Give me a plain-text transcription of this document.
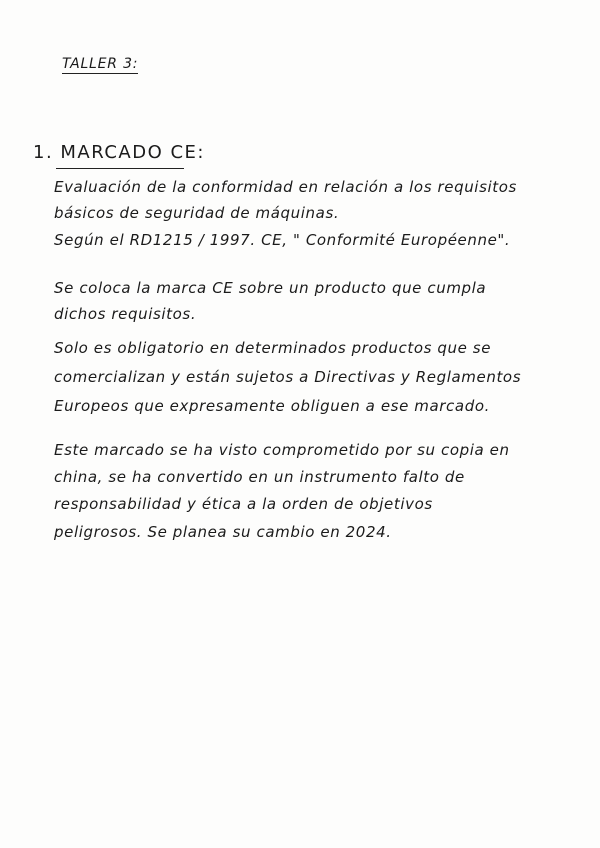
TALLER 3:
1. MARCADO CE:
Evaluación de la conformidad en relación a los requisitos
básicos de seguridad de máquinas.
Según el RD1215 / 1997. CE, " Conformité Européenne".
Se coloca la marca CE sobre un producto que cumpla
dichos requisitos.
Solo es obligatorio en determinados productos que se
comercializan y están sujetos a Directivas y Reglamentos
Europeos que expresamente obliguen a ese marcado.
Este marcado se ha visto comprometido por su copia en
china, se ha convertido en un instrumento falto de
responsabilidad y ética a la orden de objetivos
peligrosos. Se planea su cambio en 2024.
